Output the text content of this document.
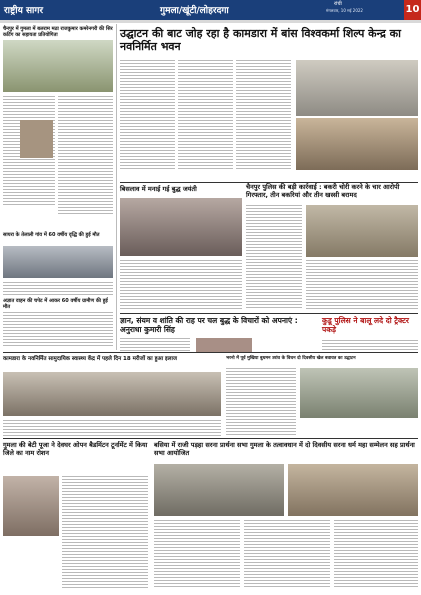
राष्ट्रीय सागर	गुमला/खूंटी/लोहरदगा
रांची
मंगलवार, 10 मई 2022	10
चैनपुर में गुमला में बलराम मठा राजकुमार कमरेनगरी की सिर कटिंग का सहायता प्रतियोगिता
सायरा के तेलाली गांव में 60 वर्षीय वृद्धि की हुई मौत
अज्ञात वाहन की चपेट में आकर 60 वर्षीय ग्रामीण की हुई मौत
उद्घाटन की बाट जोह रहा है कामडारा में बांस विश्वकर्मा शिल्प केन्द्र का नवनिर्मित भवन
बिसलाव में मनाई गई बुद्ध जयंती	चैनपुर पुलिस की बड़ी कार्रवाई : बकरी चोरी करने के चार आरोपी गिरफ्तार, तीन बकरियां और तीन खस्सी बरामद
ज्ञान, संयम व शांति की राह पर चल बुद्ध के विचारों को अपनाएं : अनुराधा कुमारी सिंह
कुडू पुलिस ने बालू लदे दो ट्रैक्टर पकड़े
कामडारा के नवनिर्मित सामुदायिक स्वास्थ्य केंद्र में पहले दिन 18 मरीजों का हुआ इलाज	भरनो में पूर्व मुखिया बुधमन उरांव के विधन दो दिवसीय खेल बवावत का उद्घाटन
गुमला की बेटी पूजा ने देवघर ओपन बैडमिंटन टूर्नामेंट में किया जिले का नाम रोशन
बसिया में राजी पड़हा सरना प्रार्थना सभा गुमला के तत्वावधान में दो दिवसीय सरना धर्म महा सम्मेलन सह प्रार्थना सभा आयोजित
